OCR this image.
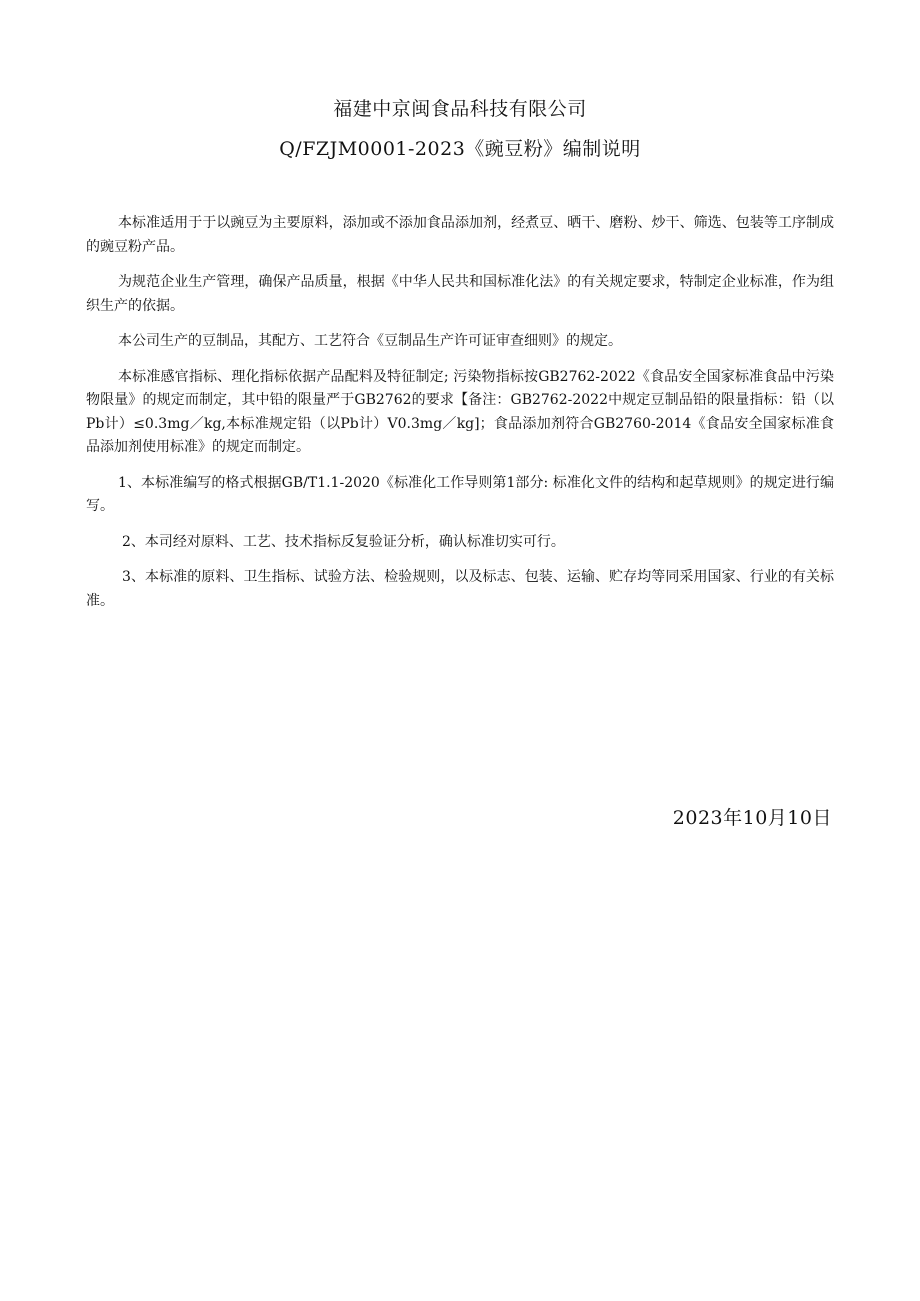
福建中京闽食品科技有限公司
Q/FZJM0001-2023《豌豆粉》编制说明

本标准适用于于以豌豆为主要原料，添加或不添加食品添加剂，经煮豆、晒干、磨粉、炒干、筛选、包装等工序制成的豌豆粉产品。

为规范企业生产管理，确保产品质量，根据《中华人民共和国标准化法》的有关规定要求，特制定企业标准，作为组织生产的依据。

本公司生产的豆制品，其配方、工艺符合《豆制品生产许可证审查细则》的规定。

本标准感官指标、理化指标依据产品配料及特征制定; 污染物指标按GB2762-2022《食品安全国家标准食品中污染物限量》的规定而制定，其中铅的限量严于GB2762的要求【备注：GB2762-2022中规定豆制品铅的限量指标：铅（以Pb计）≤0.3mg／kg,本标准规定铅（以Pb计）V0.3mg／kg]；食品添加剂符合GB2760-2014《食品安全国家标准食品添加剂使用标准》的规定而制定。

1、本标准编写的格式根据GB/T1.1-2020《标准化工作导则第1部分: 标准化文件的结构和起草规则》的规定进行编写。

2、本司经对原料、工艺、技术指标反复验证分析，确认标准切实可行。

3、本标准的原料、卫生指标、试验方法、检验规则，以及标志、包装、运输、贮存均等同采用国家、行业的有关标准。

2023年10月10日
